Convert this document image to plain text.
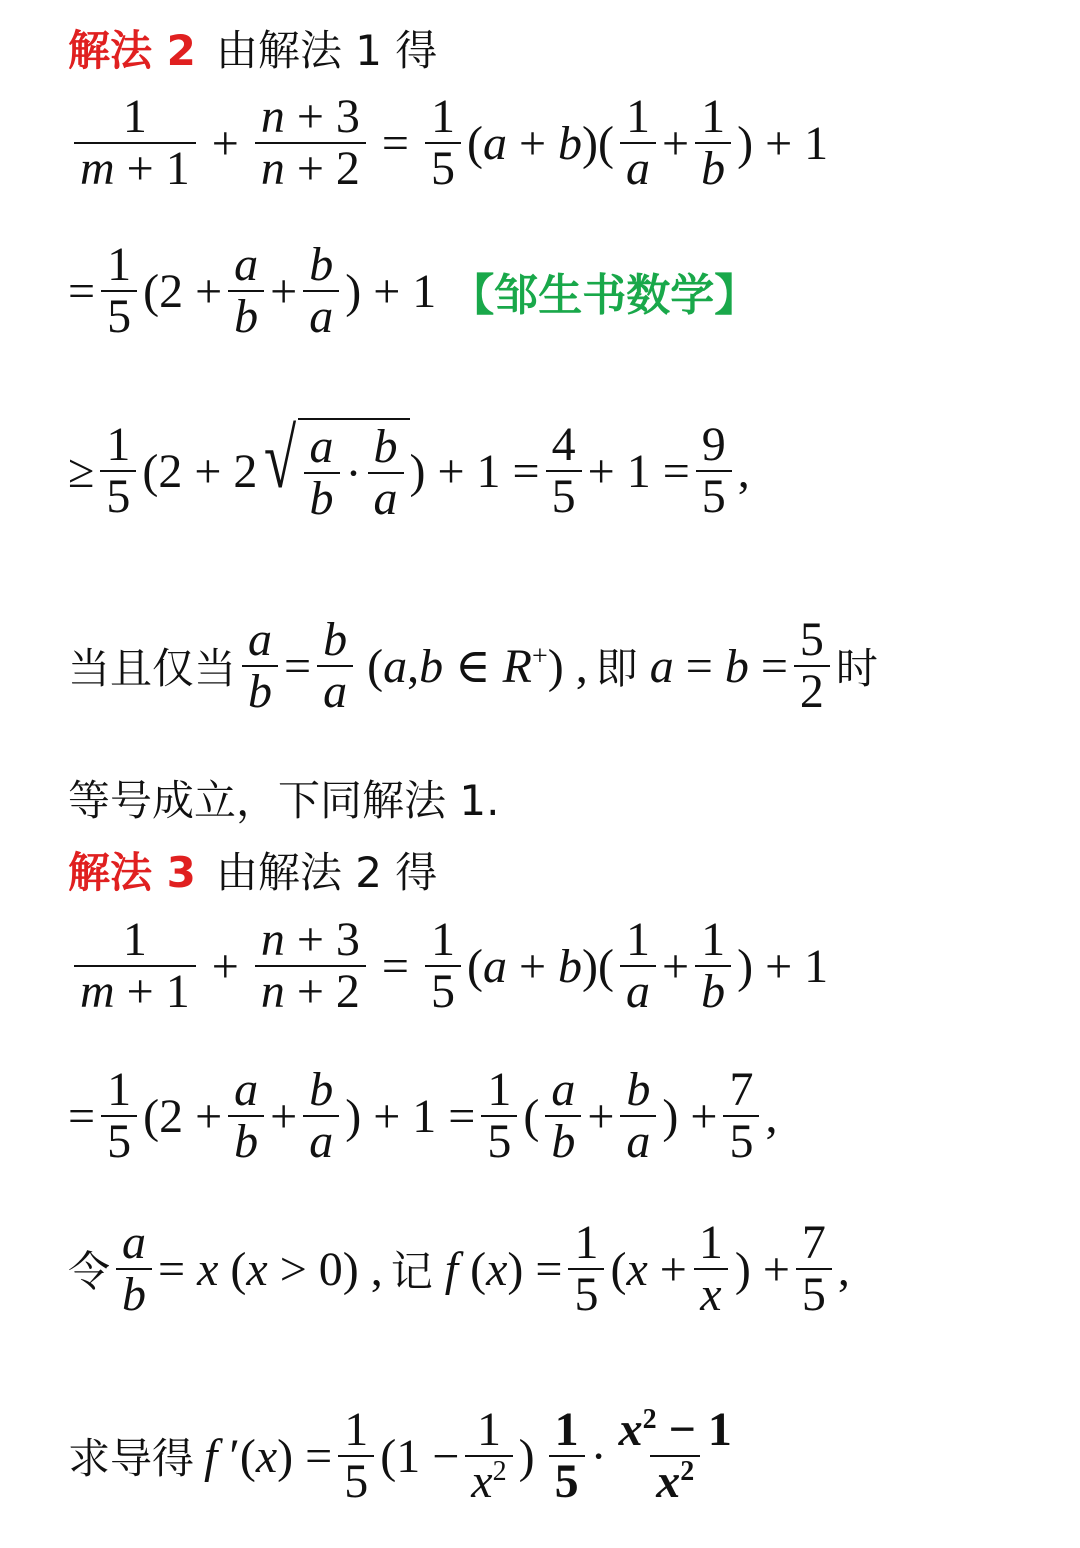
解法 2 由解法 1 得
$\frac{1}{m + 1} + \frac{n + 3}{n + 2} = \frac{1}{5} (a + b)( \frac{1}{a} + \frac{1}{b}$ ) + 1
= $\frac{1}{5} (2 + \frac{a}{b} + \frac{b}{a}$ ) + 1 【邹生书数学】
≥ $\frac{1}{5} (2 + 2$ √ $\frac{a}{b} \cdot \frac{b}{a}$ ) + $1 = \frac{4}{5} + 1 = \frac{9}{5}$ ,
当且仅当 $\frac{a}{b} = \frac{b}{a} (a,b$ ∈ R+) , 即 $a = b = \frac{5}{2}$ 时
等号成立，下同解法 1.
解法 3 由解法 2 得
$\frac{1}{m + 1} + \frac{n + 3}{n + 2} = \frac{1}{5} (a + b)( \frac{1}{a} + \frac{1}{b}$ ) + 1
= $\frac{1}{5} (2 + \frac{a}{b} + \frac{b}{a}$ ) + $1 = \frac{1}{5}$ ( $\frac{a}{b} + \frac{b}{a}$ ) + $\frac{7}{5}$ ,
令 $\frac{a}{b} = x$ (x > 0) , 记 f $(x) = \frac{1}{5} (x + \frac{1}{x}$ ) + $\frac{7}{5}$ ,
求导得 f $'(x) = \frac{1}{5} (1 - \frac{1}{x^2}$ ) $\frac{1}{5} \cdot \frac{x^2 - 1}{x^2}$
